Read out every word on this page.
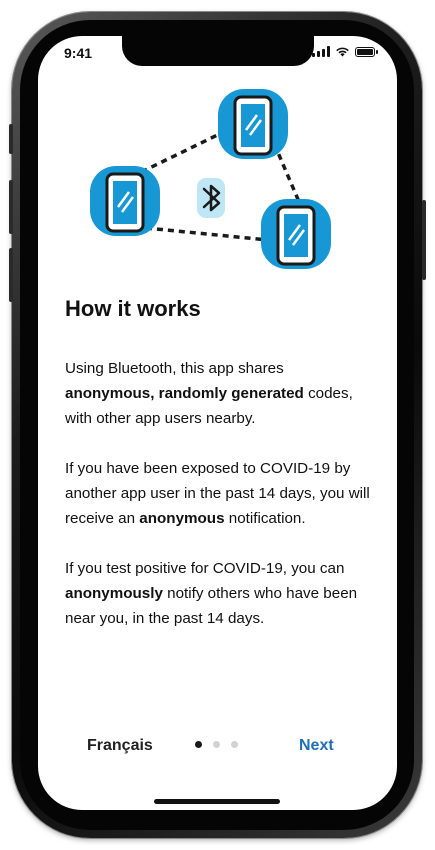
9:41
How it works

Using Bluetooth, this app shares anonymous, randomly generated codes, with other app users nearby.

If you have been exposed to COVID-19 by another app user in the past 14 days, you will receive an anonymous notification.

If you test positive for COVID-19, you can anonymously notify others who have been near you, in the past 14 days.

Français	Next
